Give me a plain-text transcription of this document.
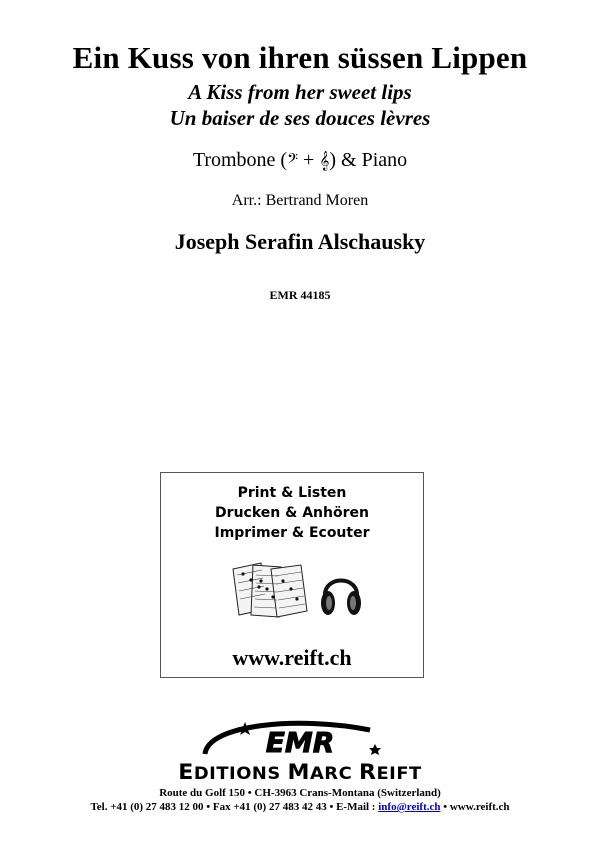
Ein Kuss von ihren süssen Lippen
A Kiss from her sweet lips
Un baiser de ses douces lèvres
Trombone (𝄢 + 𝄞) & Piano
Arr.: Bertrand Moren
Joseph Serafin Alschausky
EMR 44185
Print & Listen
Drucken & Anhören
Imprimer & Ecouter
www.reift.ch
EMR
EDITIONS MARC REIFT
Route du Golf 150 • CH-3963 Crans-Montana (Switzerland)
Tel. +41 (0) 27 483 12 00 • Fax +41 (0) 27 483 42 43 • E-Mail : info@reift.ch • www.reift.ch
